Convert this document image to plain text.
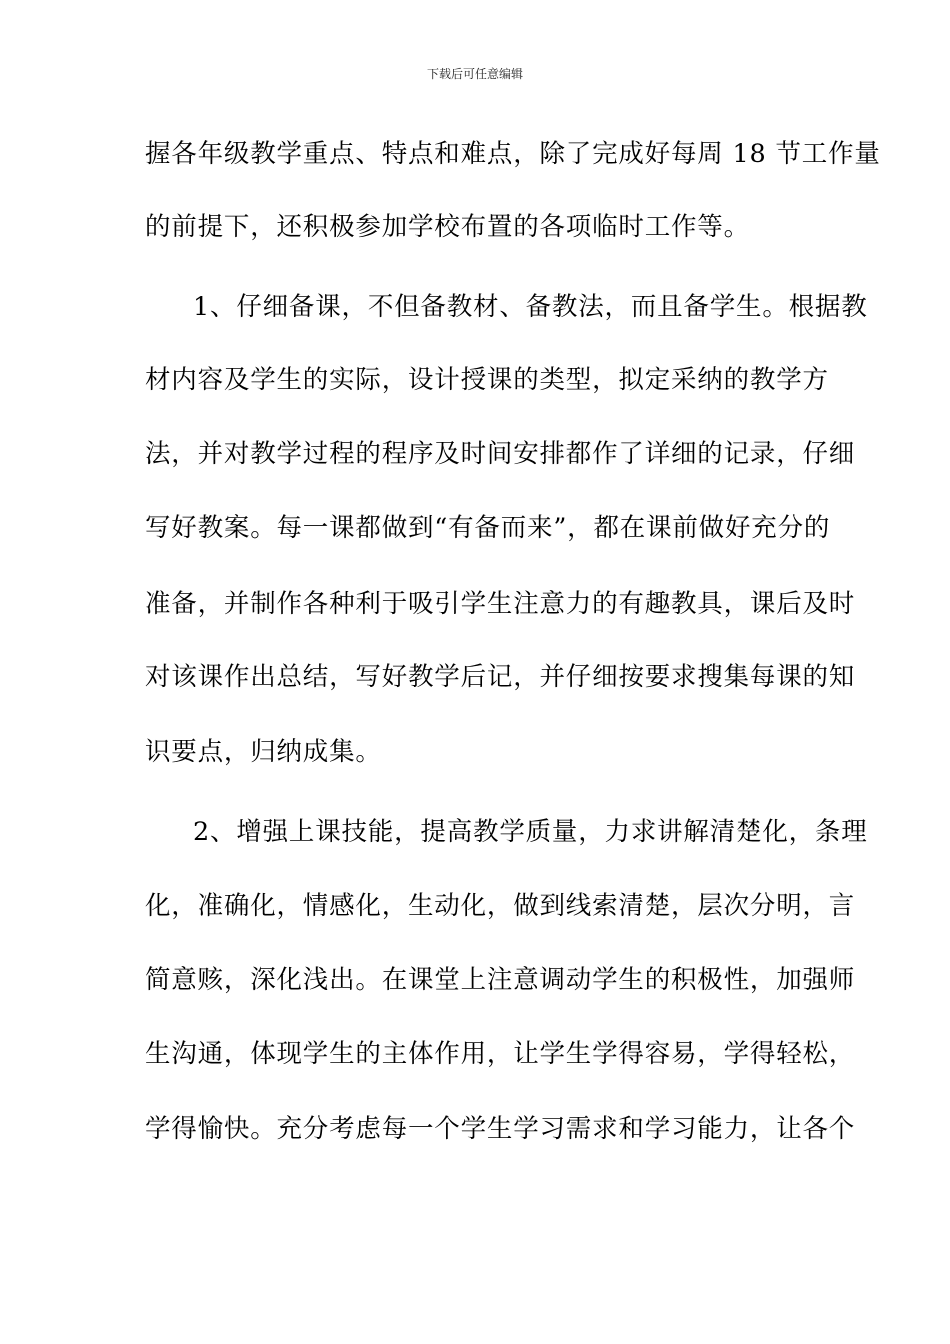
下载后可任意编辑
握各年级教学重点、特点和难点，除了完成好每周 18 节工作量
的前提下，还积极参加学校布置的各项临时工作等。
1、仔细备课，不但备教材、备教法，而且备学生。根据教
材内容及学生的实际，设计授课的类型，拟定采纳的教学方
法，并对教学过程的程序及时间安排都作了详细的记录，仔细
写好教案。每一课都做到“有备而来”，都在课前做好充分的
准备，并制作各种利于吸引学生注意力的有趣教具，课后及时
对该课作出总结，写好教学后记，并仔细按要求搜集每课的知
识要点，归纳成集。
2、增强上课技能，提高教学质量，力求讲解清楚化，条理
化，准确化，情感化，生动化，做到线索清楚，层次分明，言
简意赅，深化浅出。在课堂上注意调动学生的积极性，加强师
生沟通，体现学生的主体作用，让学生学得容易，学得轻松，
学得愉快。充分考虑每一个学生学习需求和学习能力，让各个
